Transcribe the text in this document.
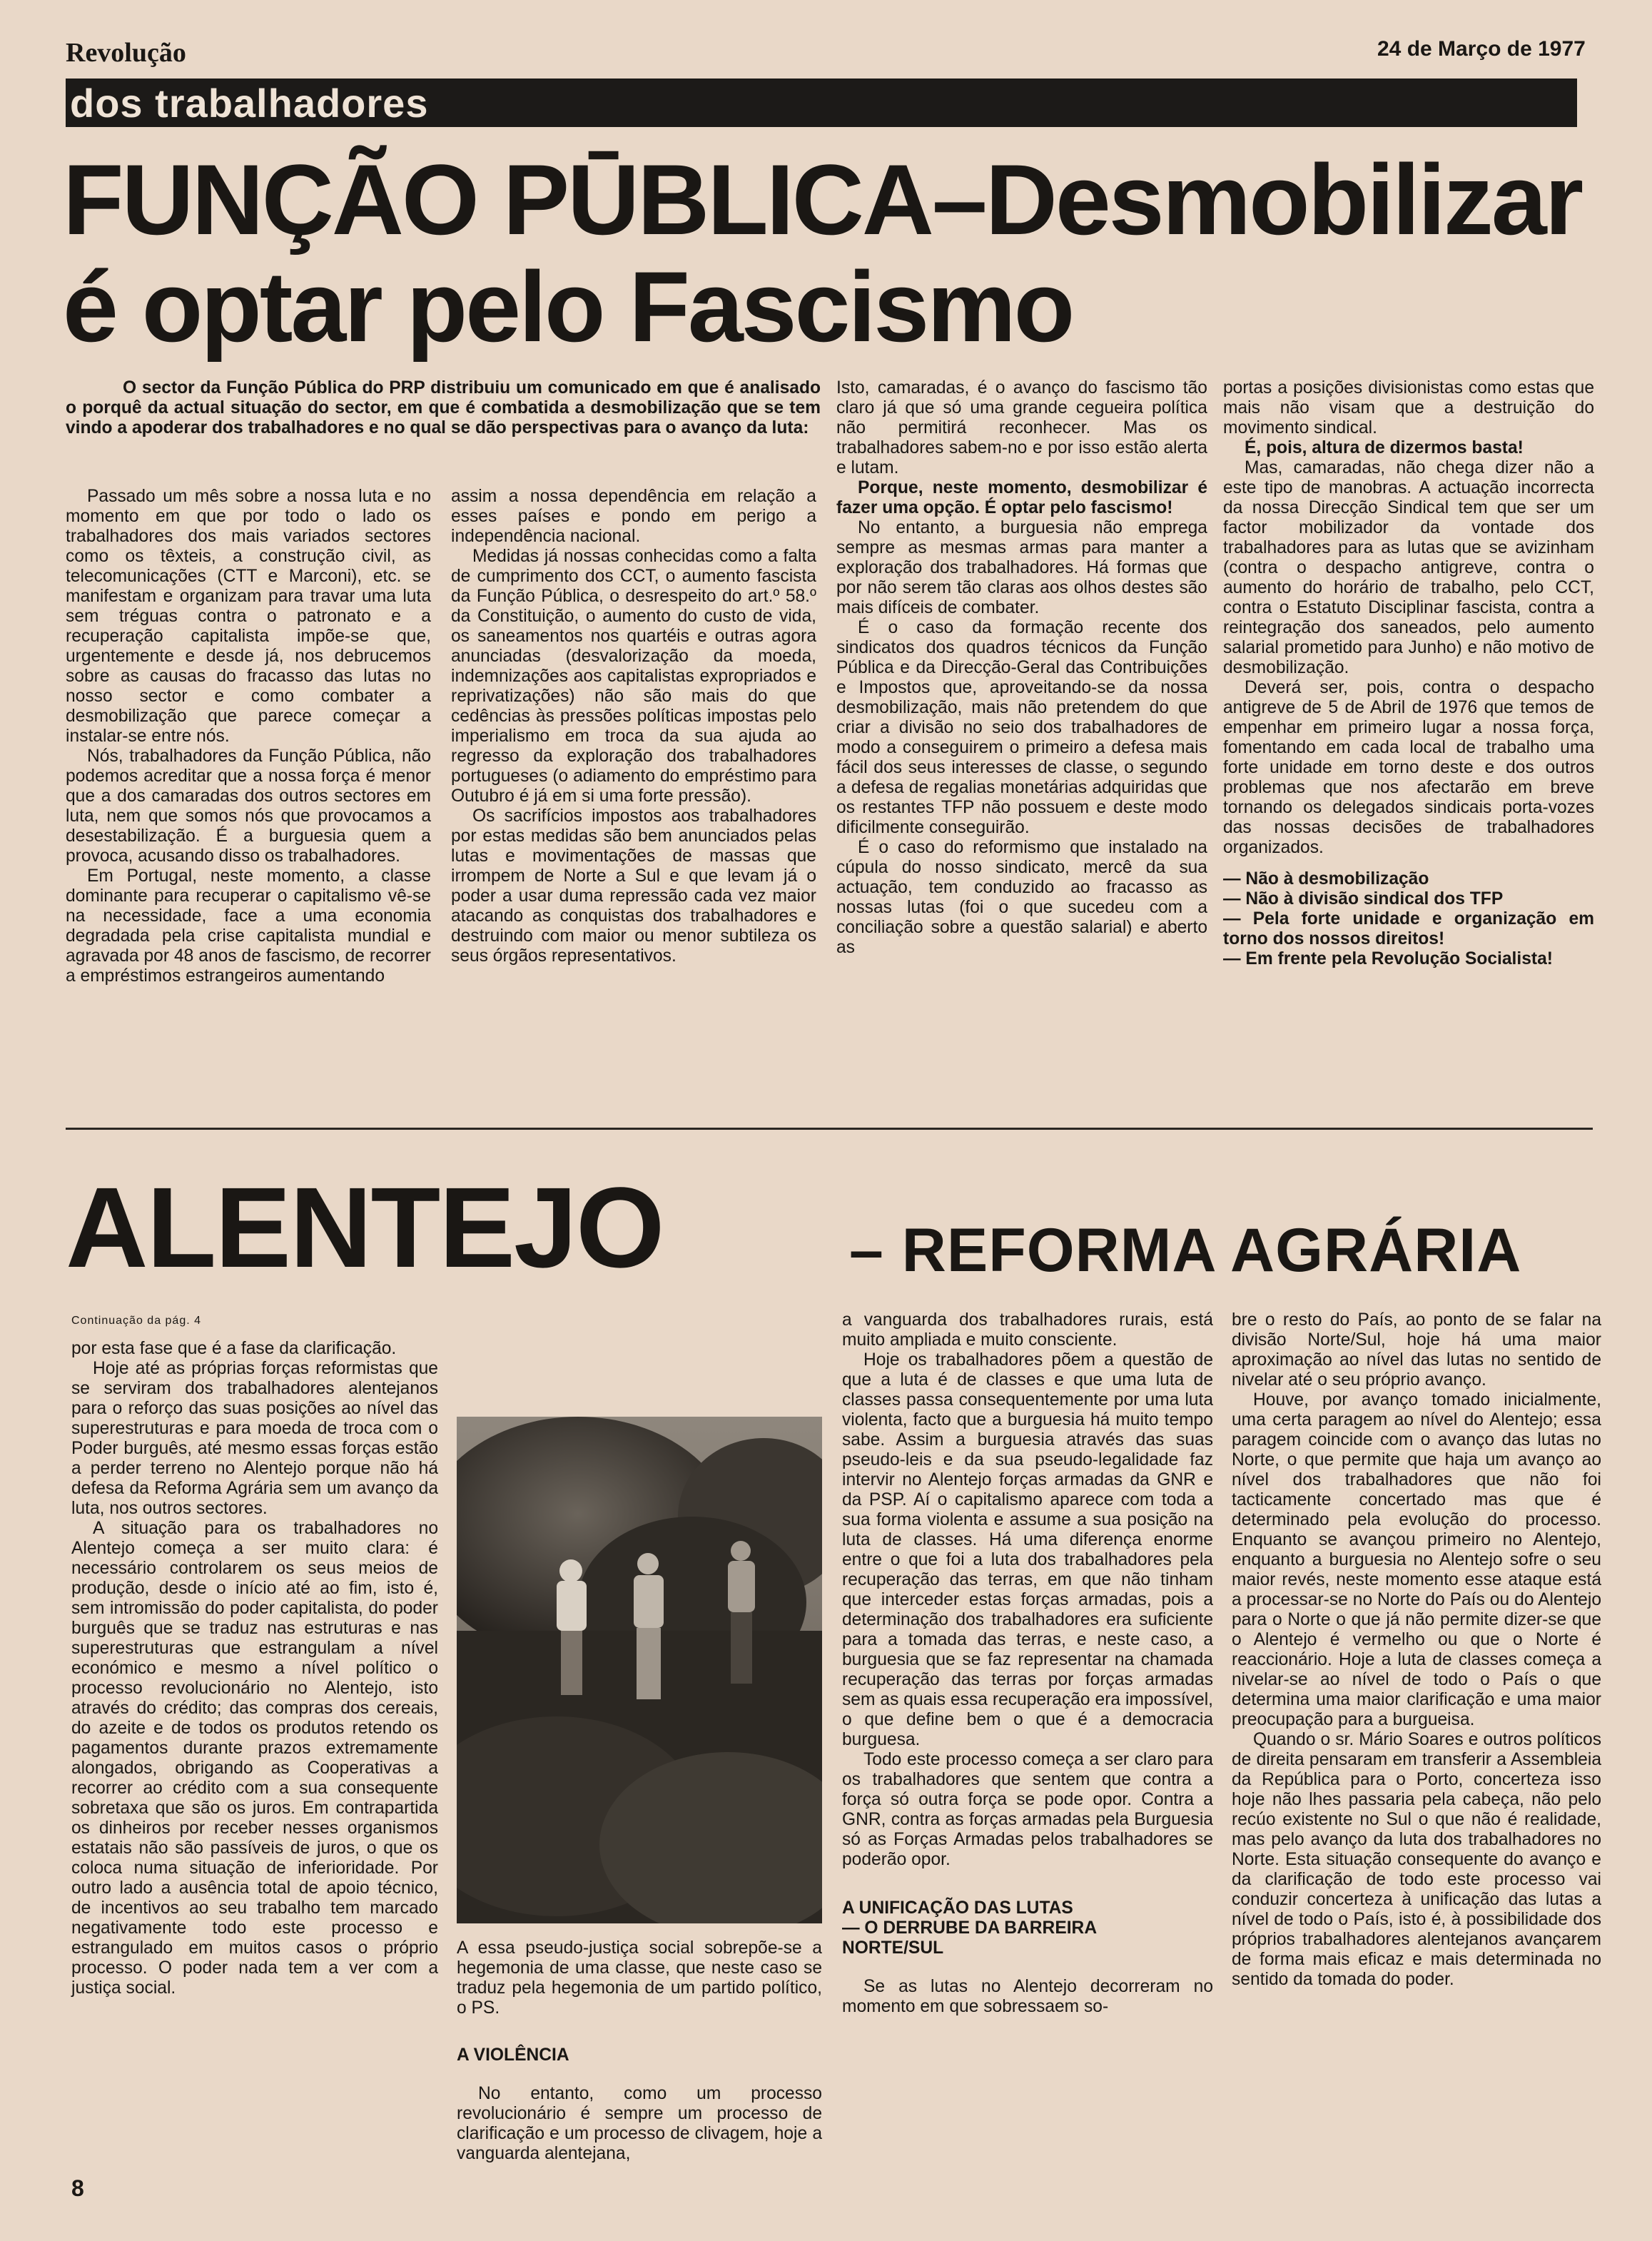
Revolução	24 de Março de 1977
dos trabalhadores
FUNÇÃO PŪBLICA–Desmobilizar
é optar pelo Fascismo
O sector da Função Pública do PRP distribuiu um comunicado em que é analisado o porquê da actual situação do sector, em que é combatida a desmobilização que se tem vindo a apoderar dos trabalhadores e no qual se dão perspectivas para o avanço da luta:

Passado um mês sobre a nossa luta e no momento em que por todo o lado os trabalhadores dos mais variados sectores como os têxteis, a construção civil, as telecomunicações (CTT e Marconi), etc. se manifestam e organizam para travar uma luta sem tréguas contra o patronato e a recuperação capitalista impõe-se que, urgentemente e desde já, nos debrucemos sobre as causas do fracasso das lutas no nosso sector e como combater a desmobilização que parece começar a instalar-se entre nós.

Nós, trabalhadores da Função Pública, não podemos acreditar que a nossa força é menor que a dos camaradas dos outros sectores em luta, nem que somos nós que provocamos a desestabilização. É a burguesia quem a provoca, acusando disso os trabalhadores.

Em Portugal, neste momento, a classe dominante para recuperar o capitalismo vê-se na necessidade, face a uma economia degradada pela crise capitalista mundial e agravada por 48 anos de fascismo, de recorrer a empréstimos estrangeiros aumentando

assim a nossa dependência em relação a esses países e pondo em perigo a independência nacional.

Medidas já nossas conhecidas como a falta de cumprimento dos CCT, o aumento fascista da Função Pública, o desrespeito do art.º 58.º da Constituição, o aumento do custo de vida, os saneamentos nos quartéis e outras agora anunciadas (desvalorização da moeda, indemnizações aos capitalistas expropriados e reprivatizações) não são mais do que cedências às pressões políticas impostas pelo imperialismo em troca da sua ajuda ao regresso da exploração dos trabalhadores portugueses (o adiamento do empréstimo para Outubro é já em si uma forte pressão).

Os sacrifícios impostos aos trabalhadores por estas medidas são bem anunciados pelas lutas e movimentações de massas que irrompem de Norte a Sul e que levam já o poder a usar duma repressão cada vez maior atacando as conquistas dos trabalhadores e destruindo com maior ou menor subtileza os seus órgãos representativos.

Isto, camaradas, é o avanço do fascismo tão claro já que só uma grande cegueira política não permitirá reconhecer. Mas os trabalhadores sabem-no e por isso estão alerta e lutam.

Porque, neste momento, desmobilizar é fazer uma opção. É optar pelo fascismo!

No entanto, a burguesia não emprega sempre as mesmas armas para manter a exploração dos trabalhadores. Há formas que por não serem tão claras aos olhos destes são mais difíceis de combater.

É o caso da formação recente dos sindicatos dos quadros técnicos da Função Pública e da Direcção-Geral das Contribuições e Impostos que, aproveitando-se da nossa desmobilização, mais não pretendem do que criar a divisão no seio dos trabalhadores de modo a conseguirem o primeiro a defesa mais fácil dos seus interesses de classe, o segundo a defesa de regalias monetárias adquiridas que os restantes TFP não possuem e deste modo dificilmente conseguirão.

É o caso do reformismo que instalado na cúpula do nosso sindicato, mercê da sua actuação, tem conduzido ao fracasso as nossas lutas (foi o que sucedeu com a conciliação sobre a questão salarial) e aberto as

portas a posições divisionistas como estas que mais não visam que a destruição do movimento sindical.

É, pois, altura de dizermos basta!

Mas, camaradas, não chega dizer não a este tipo de manobras. A actuação incorrecta da nossa Direcção Sindical tem que ser um factor mobilizador da vontade dos trabalhadores para as lutas que se avizinham (contra o despacho antigreve, contra o aumento do horário de trabalho, pelo CCT, contra o Estatuto Disciplinar fascista, contra a reintegração dos saneados, pelo aumento salarial prometido para Junho) e não motivo de desmobilização.

Deverá ser, pois, contra o despacho antigreve de 5 de Abril de 1976 que temos de empenhar em primeiro lugar a nossa força, fomentando em cada local de trabalho uma forte unidade em torno deste e dos outros problemas que nos afectarão em breve tornando os delegados sindicais porta-vozes das nossas decisões de trabalhadores organizados.

— Não à desmobilização
— Não à divisão sindical dos TFP
— Pela forte unidade e organização em torno dos nossos direitos!
— Em frente pela Revolução Socialista!
ALENTEJO	– REFORMA AGRÁRIA
Continuação da pág. 4

por esta fase que é a fase da clarificação.

Hoje até as próprias forças reformistas que se serviram dos trabalhadores alentejanos para o reforço das suas posições ao nível das superestruturas e para moeda de troca com o Poder burguês, até mesmo essas forças estão a perder terreno no Alentejo porque não há defesa da Reforma Agrária sem um avanço da luta, nos outros sectores.

A situação para os trabalhadores no Alentejo começa a ser muito clara: é necessário controlarem os seus meios de produção, desde o início até ao fim, isto é, sem intromissão do poder capitalista, do poder burguês que se traduz nas estruturas e nas superestruturas que estrangulam a nível económico e mesmo a nível político o processo revolucionário no Alentejo, isto através do crédito; das compras dos cereais, do azeite e de todos os produtos retendo os pagamentos durante prazos extremamente alongados, obrigando as Cooperativas a recorrer ao crédito com a sua consequente sobretaxa que são os juros. Em contrapartida os dinheiros por receber nesses organismos estatais não são passíveis de juros, o que os coloca numa situação de inferioridade. Por outro lado a ausência total de apoio técnico, de incentivos ao seu trabalho tem marcado negativamente todo este processo e estrangulado em muitos casos o próprio processo. O poder nada tem a ver com a justiça social.

A essa pseudo-justiça social sobrepõe-se a hegemonia de uma classe, que neste caso se traduz pela hegemonia de um partido político, o PS.
A VIOLÊNCIA

No entanto, como um processo revolucionário é sempre um processo de clarificação e um processo de clivagem, hoje a vanguarda alentejana,

a vanguarda dos trabalhadores rurais, está muito ampliada e muito consciente.

Hoje os trabalhadores põem a questão de que a luta é de classes e que uma luta de classes passa consequentemente por uma luta violenta, facto que a burguesia há muito tempo sabe. Assim a burguesia através das suas pseudo-leis e da sua pseudo-legalidade faz intervir no Alentejo forças armadas da GNR e da PSP. Aí o capitalismo aparece com toda a sua forma violenta e assume a sua posição na luta de classes. Há uma diferença enorme entre o que foi a luta dos trabalhadores pela recuperação das terras, em que não tinham que interceder estas forças armadas, pois a determinação dos trabalhadores era suficiente para a tomada das terras, e neste caso, a burguesia que se faz representar na chamada recuperação das terras por forças armadas sem as quais essa recuperação era impossível, o que define bem o que é a democracia burguesa.

Todo este processo começa a ser claro para os trabalhadores que sentem que contra a força só outra força se pode opor. Contra a GNR, contra as forças armadas pela Burguesia só as Forças Armadas pelos trabalhadores se poderão opor.

A UNIFICAÇÃO DAS LUTAS
— O DERRUBE DA BARREIRA
NORTE/SUL

Se as lutas no Alentejo decorreram no momento em que sobressaem so-

bre o resto do País, ao ponto de se falar na divisão Norte/Sul, hoje há uma maior aproximação ao nível das lutas no sentido de nivelar até o seu próprio avanço.

Houve, por avanço tomado inicialmente, uma certa paragem ao nível do Alentejo; essa paragem coincide com o avanço das lutas no Norte, o que permite que haja um avanço ao nível dos trabalhadores que não foi tacticamente concertado mas que é determinado pela evolução do processo. Enquanto se avançou primeiro no Alentejo, enquanto a burguesia no Alentejo sofre o seu maior revés, neste momento esse ataque está a processar-se no Norte do País ou do Alentejo para o Norte o que já não permite dizer-se que o Alentejo é vermelho ou que o Norte é reaccionário. Hoje a luta de classes começa a nivelar-se ao nível de todo o País o que determina uma maior clarificação e uma maior preocupação para a burgueisa.

Quando o sr. Mário Soares e outros políticos de direita pensaram em transferir a Assembleia da República para o Porto, concerteza isso hoje não lhes passaria pela cabeça, não pelo recúo existente no Sul o que não é realidade, mas pelo avanço da luta dos trabalhadores no Norte. Esta situação consequente do avanço e da clarificação de todo este processo vai conduzir concerteza à unificação das lutas a nível de todo o País, isto é, à possibilidade dos próprios trabalhadores alentejanos avançarem de forma mais eficaz e mais determinada no sentido da tomada do poder.

8
